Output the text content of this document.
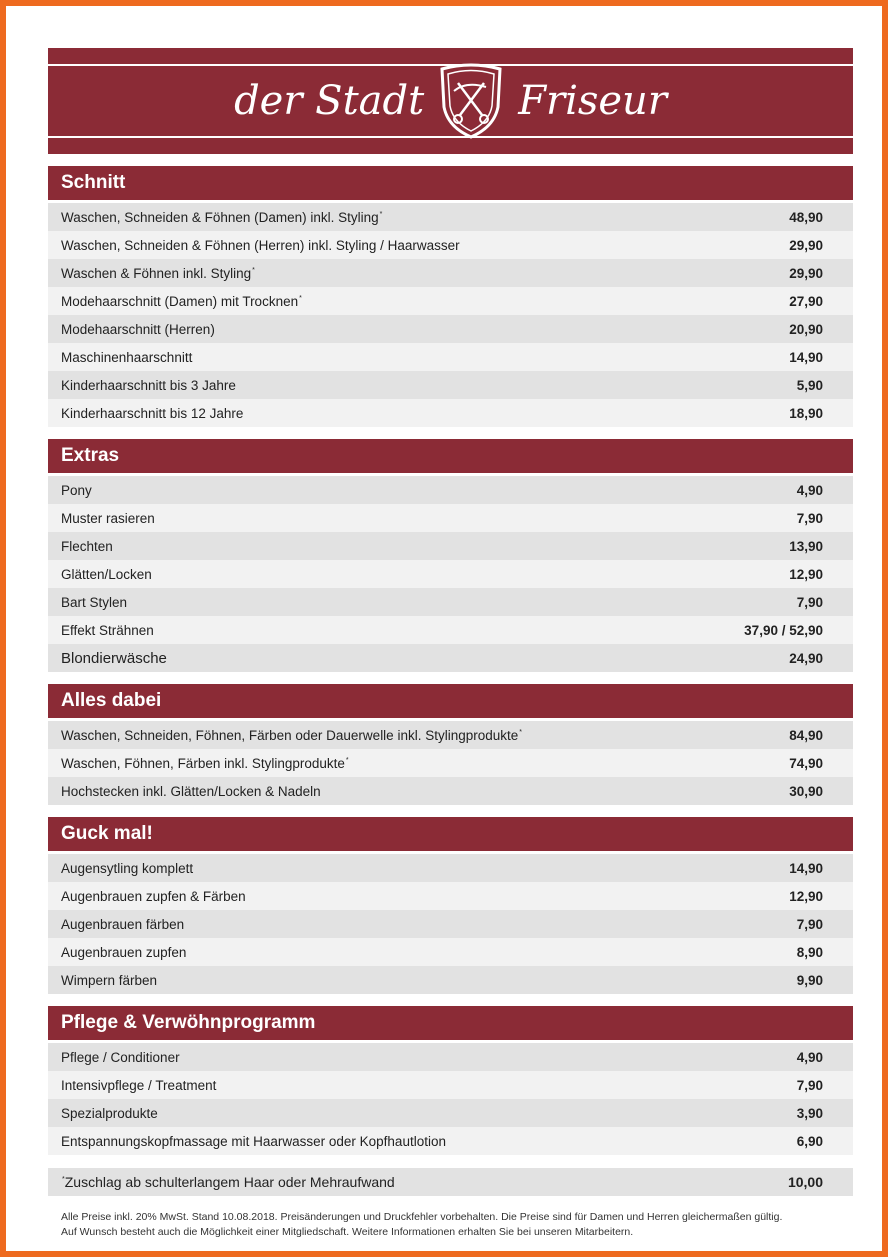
der Stadt Friseur
Schnitt
Waschen, Schneiden & Föhnen (Damen) inkl. Styling*	48,90
Waschen, Schneiden & Föhnen (Herren) inkl. Styling / Haarwasser	29,90
Waschen & Föhnen inkl. Styling*	29,90
Modehaarschnitt (Damen) mit Trocknen*	27,90
Modehaarschnitt (Herren)	20,90
Maschinenhaarschnitt	14,90
Kinderhaarschnitt bis 3 Jahre	5,90
Kinderhaarschnitt bis 12 Jahre	18,90
Extras
Pony	4,90
Muster rasieren	7,90
Flechten	13,90
Glätten/Locken	12,90
Bart Stylen	7,90
Effekt Strähnen	37,90 / 52,90
Blondierwäsche	24,90
Alles dabei
Waschen, Schneiden, Föhnen, Färben oder Dauerwelle inkl. Stylingprodukte*	84,90
Waschen, Föhnen, Färben inkl. Stylingprodukte*	74,90
Hochstecken inkl. Glätten/Locken & Nadeln	30,90
Guck mal!
Augensytling komplett	14,90
Augenbrauen zupfen & Färben	12,90
Augenbrauen färben	7,90
Augenbrauen zupfen	8,90
Wimpern färben	9,90
Pflege & Verwöhnprogramm
Pflege / Conditioner	4,90
Intensivpflege / Treatment	7,90
Spezialprodukte	3,90
Entspannungskopfmassage mit Haarwasser oder Kopfhautlotion	6,90
*Zuschlag ab schulterlangem Haar oder Mehraufwand	10,00
Alle Preise inkl. 20% MwSt. Stand 10.08.2018. Preisänderungen und Druckfehler vorbehalten. Die Preise sind für Damen und Herren gleichermaßen gültig.
Auf Wunsch besteht auch die Möglichkeit einer Mitgliedschaft. Weitere Informationen erhalten Sie bei unseren Mitarbeitern.
